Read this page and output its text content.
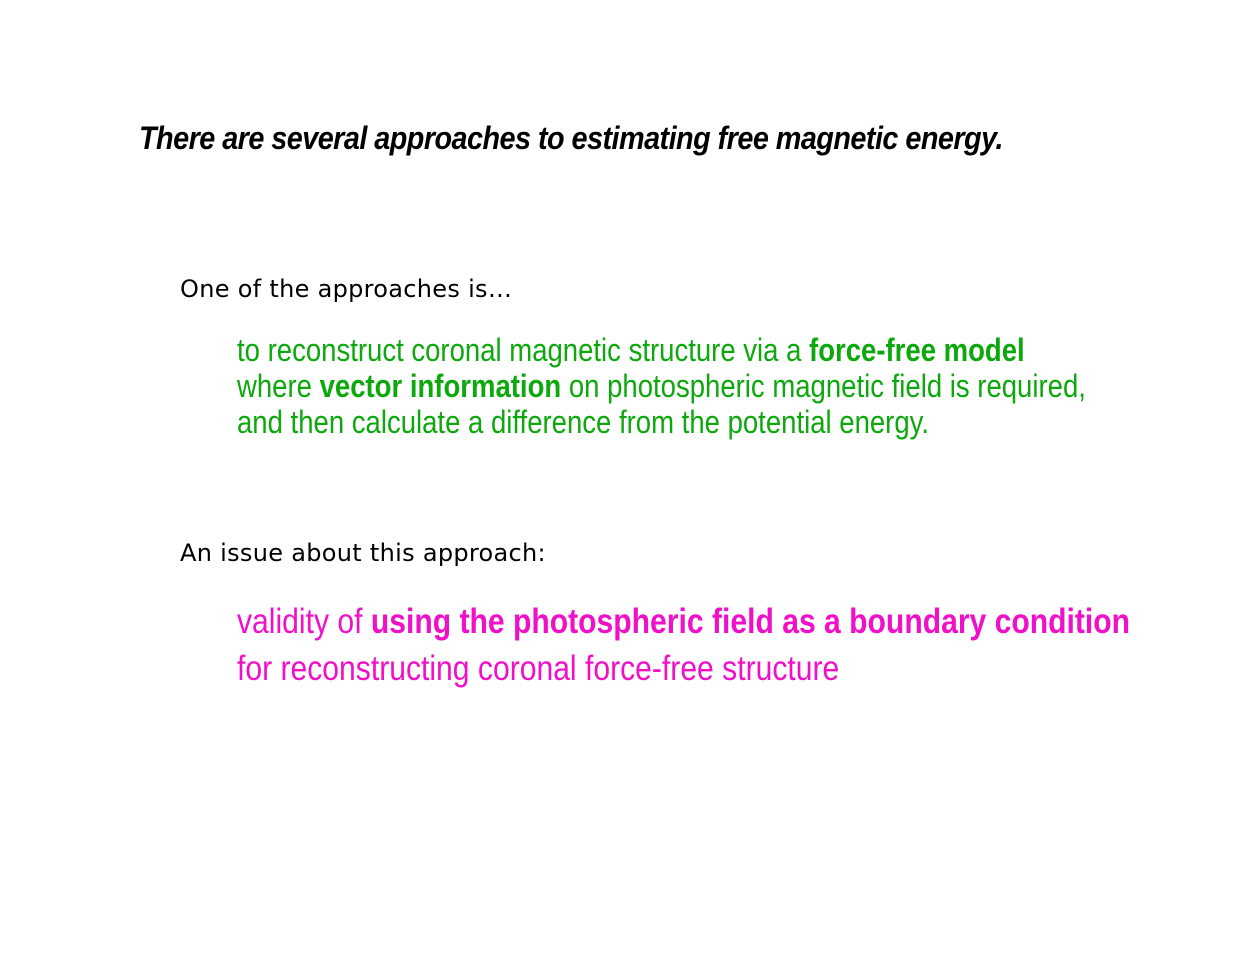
There are several approaches to estimating free magnetic energy.

One of the approaches is…

to reconstruct coronal magnetic structure via a force-free model
where vector information on photospheric magnetic field is required,
and then calculate a difference from the potential energy.

An issue about this approach:

validity of using the photospheric field as a boundary condition
for reconstructing coronal force-free structure
